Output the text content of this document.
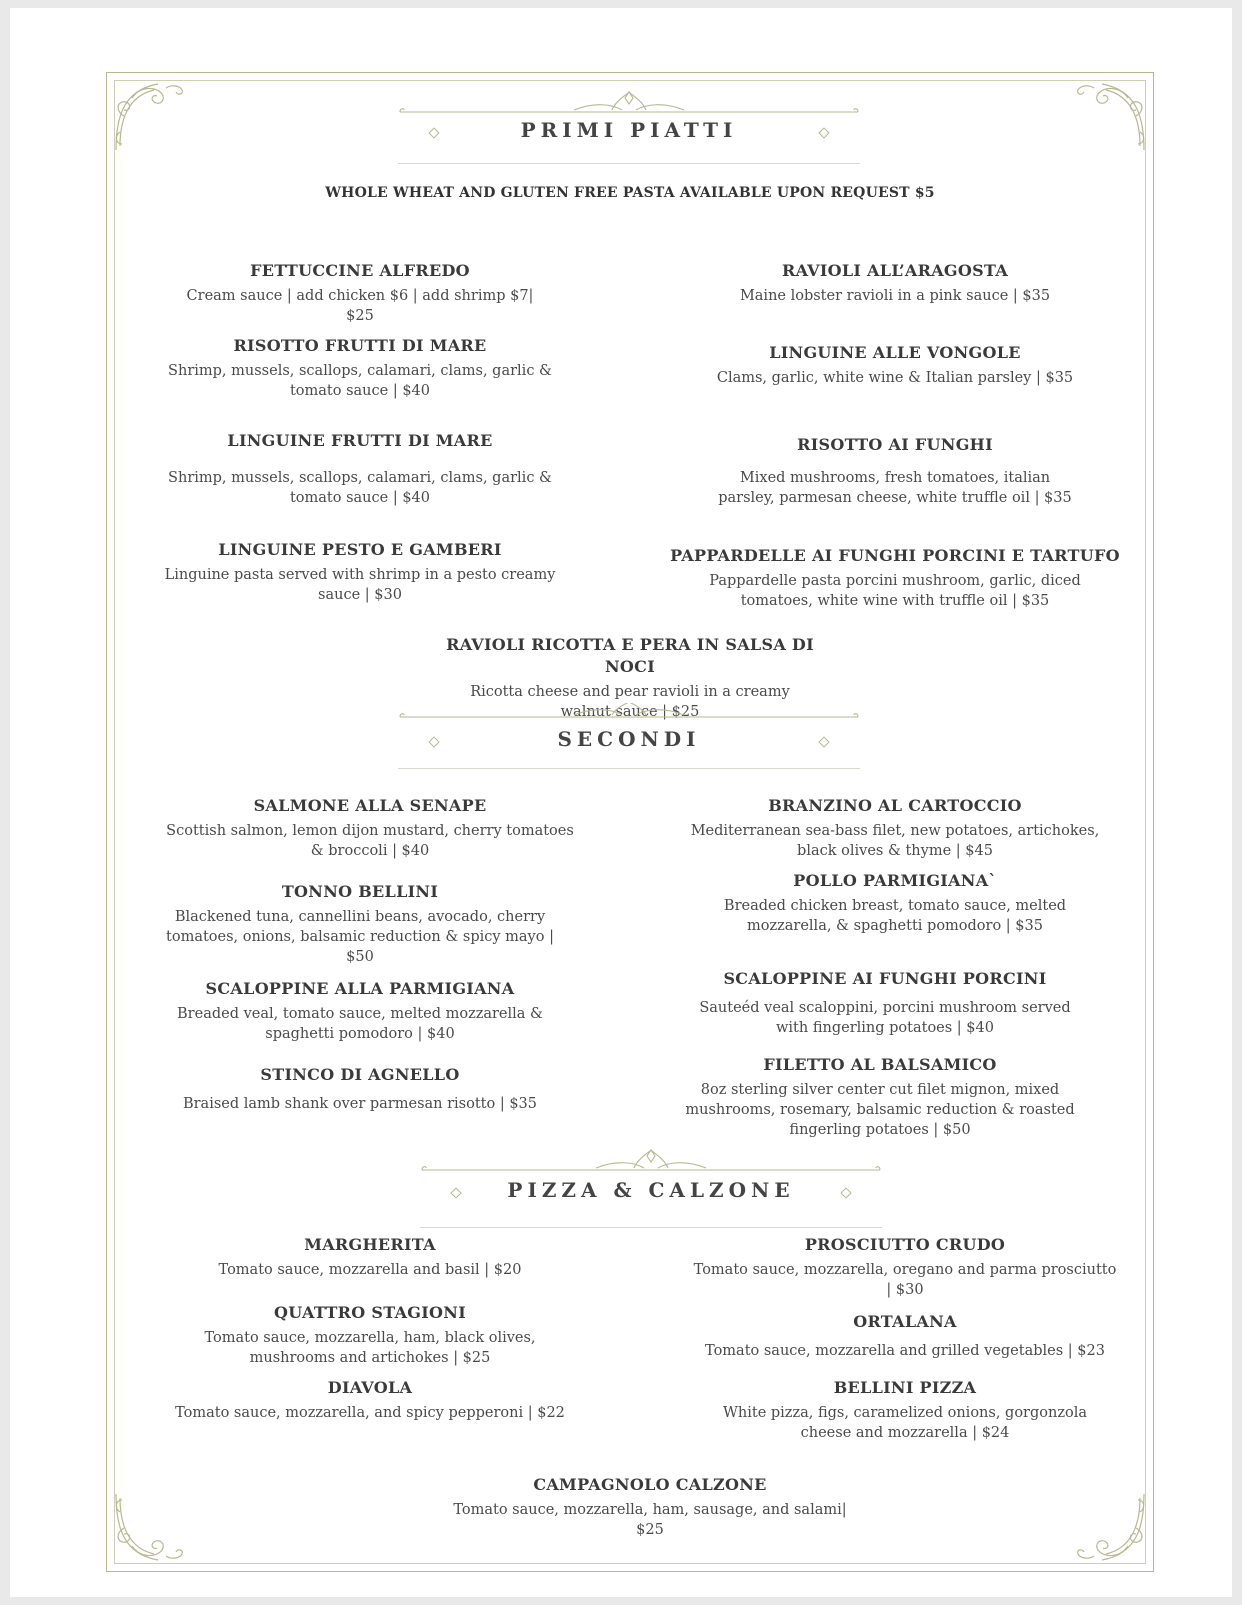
PRIMI PIATTI
WHOLE WHEAT AND GLUTEN FREE PASTA AVAILABLE UPON REQUEST $5
FETTUCCINE ALFREDO
Cream sauce | add chicken $6 | add shrimp $7| $25
RAVIOLI ALL’ARAGOSTA
Maine lobster ravioli in a pink sauce | $35
RISOTTO FRUTTI DI MARE
Shrimp, mussels, scallops, calamari, clams, garlic & tomato sauce | $40
LINGUINE ALLE VONGOLE
Clams, garlic, white wine & Italian parsley | $35
LINGUINE FRUTTI DI MARE
Shrimp, mussels, scallops, calamari, clams, garlic & tomato sauce | $40
RISOTTO AI FUNGHI
Mixed mushrooms, fresh tomatoes, italian parsley, parmesan cheese, white truffle oil | $35
LINGUINE PESTO E GAMBERI
Linguine pasta served with shrimp in a pesto creamy sauce | $30
PAPPARDELLE AI FUNGHI PORCINI E TARTUFO
Pappardelle pasta porcini mushroom, garlic, diced tomatoes, white wine with truffle oil | $35
RAVIOLI RICOTTA E PERA IN SALSA DI NOCI
Ricotta cheese and pear ravioli in a creamy walnut sauce | $25
SECONDI
SALMONE ALLA SENAPE
Scottish salmon, lemon dijon mustard, cherry tomatoes & broccoli | $40
BRANZINO AL CARTOCCIO
Mediterranean sea-bass filet, new potatoes, artichokes, black olives & thyme | $45
TONNO BELLINI
Blackened tuna, cannellini beans, avocado, cherry tomatoes, onions, balsamic reduction & spicy mayo | $50
POLLO PARMIGIANA`
Breaded chicken breast, tomato sauce, melted mozzarella, & spaghetti pomodoro | $35
SCALOPPINE ALLA PARMIGIANA
Breaded veal, tomato sauce, melted mozzarella & spaghetti pomodoro | $40
SCALOPPINE AI FUNGHI PORCINI
Sauteéd veal scaloppini, porcini mushroom served with fingerling potatoes | $40
STINCO DI AGNELLO
Braised lamb shank over parmesan risotto | $35
FILETTO AL BALSAMICO
8oz sterling silver center cut filet mignon, mixed mushrooms, rosemary, balsamic reduction & roasted fingerling potatoes | $50
PIZZA & CALZONE
MARGHERITA
Tomato sauce, mozzarella and basil | $20
PROSCIUTTO CRUDO
Tomato sauce, mozzarella, oregano and parma prosciutto | $30
QUATTRO STAGIONI
Tomato sauce, mozzarella, ham, black olives, mushrooms and artichokes | $25
ORTALANA
Tomato sauce, mozzarella and grilled vegetables | $23
DIAVOLA
Tomato sauce, mozzarella, and spicy pepperoni | $22
BELLINI PIZZA
White pizza, figs, caramelized onions, gorgonzola cheese and mozzarella | $24
CAMPAGNOLO CALZONE
Tomato sauce, mozzarella, ham, sausage, and salami| $25
